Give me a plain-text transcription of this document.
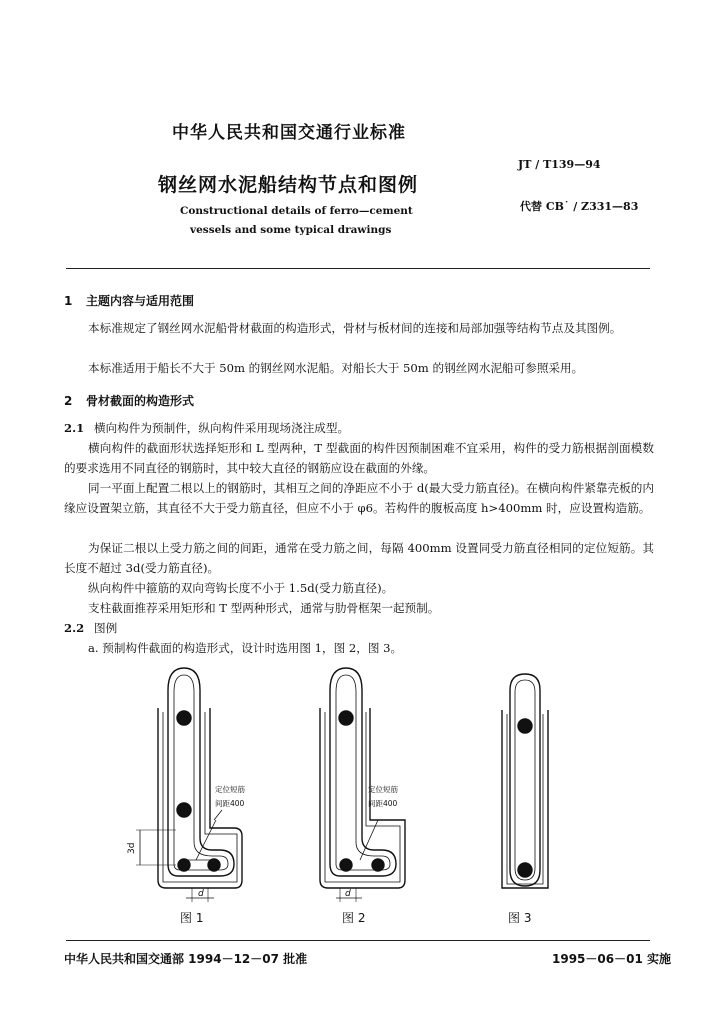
中华人民共和国交通行业标准
JT / T139—94
钢丝网水泥船结构节点和图例
代替 CB˙ / Z331—83
Constructional details of ferro—cement
vessels and some typical drawings
1 主题内容与适用范围
本标准规定了钢丝网水泥船骨材截面的构造形式，骨材与板材间的连接和局部加强等结构节点及其图例。
本标准适用于船长不大于 50m 的钢丝网水泥船。对船长大于 50m 的钢丝网水泥船可参照采用。
2 骨材截面的构造形式
2.1 横向构件为预制件，纵向构件采用现场浇注成型。
横向构件的截面形状选择矩形和 L 型两种，T 型截面的构件因预制困难不宜采用，构件的受力筋根据剖面模数的要求选用不同直径的钢筋时，其中较大直径的钢筋应设在截面的外缘。
同一平面上配置二根以上的钢筋时，其相互之间的净距应不小于 d(最大受力筋直径)。在横向构件紧靠壳板的内缘应设置架立筋，其直径不大于受力筋直径，但应不小于 φ6。若构件的腹板高度 h>400mm 时，应设置构造筋。
为保证二根以上受力筋之间的间距，通常在受力筋之间，每隔 400mm 设置同受力筋直径相同的定位短筋。其长度不超过 3d(受力筋直径)。
纵向构件中箍筋的双向弯钩长度不小于 1.5d(受力筋直径)。
支柱截面推荐采用矩形和 T 型两种形式，通常与肋骨框架一起预制。
2.2 图例
a. 预制构件截面的构造形式，设计时选用图 1，图 2，图 3。
3d
d
定位短筋
间距400
图 1
d
定位短筋
间距400
图 2	图 3
中华人民共和国交通部 1994－12－07 批准	1995－06－01 实施
